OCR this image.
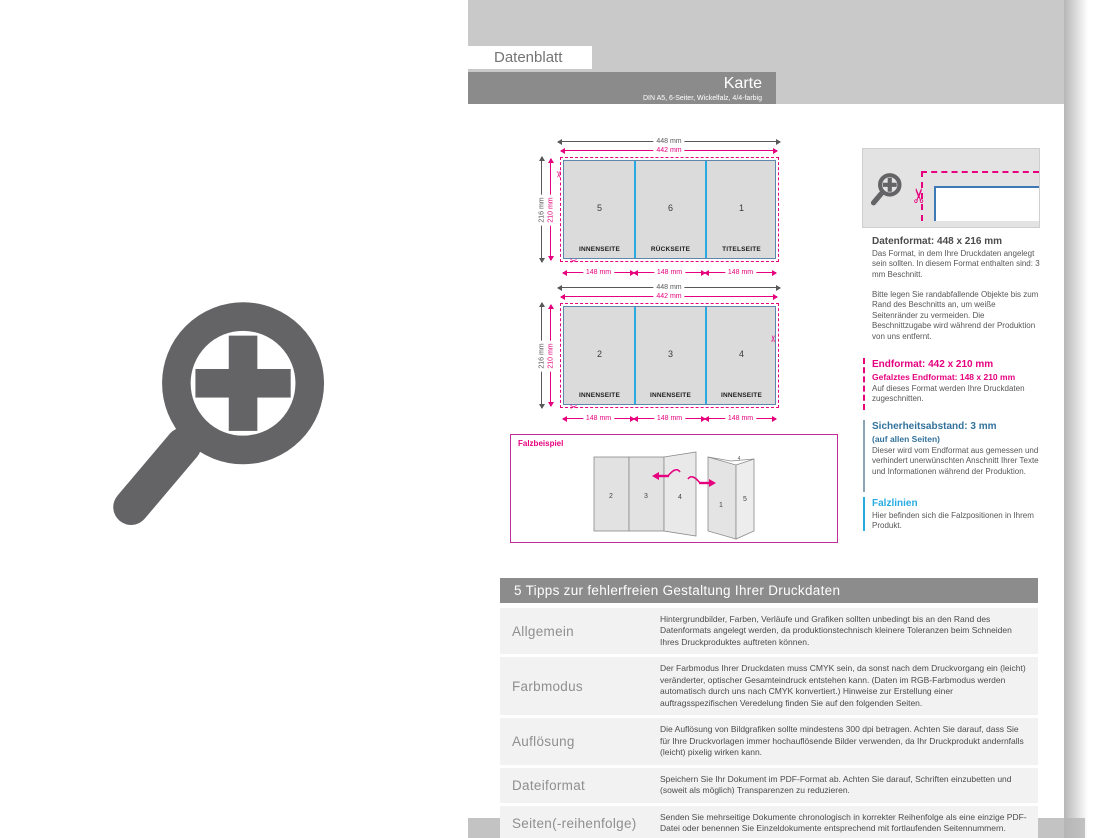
Datenblatt
Karte
DIN A5, 6-Seiter, Wickelfalz, 4/4-farbig
448 mm
442 mm
216 mm 210 mm	5	6	1
INNENSEITE	RÜCKSEITE	TITELSEITE
148 mm	148 mm	148 mm
✂
✂
448 mm
442 mm
216 mm 210 mm	2	3	4
INNENSEITE	INNENSEITE	INNENSEITE
148 mm	148 mm	148 mm
✂
✂
Falzbeispiel
2	3	4
1
5
4
✂

Datenformat: 448 x 216 mm

Das Format, in dem Ihre Druckdaten angelegt sein sollten. In diesem Format enthalten sind: 3 mm Beschnitt.
Bitte legen Sie randabfallende Objekte bis zum Rand des Beschnitts an, um weiße Seitenränder zu vermeiden. Die Beschnittzugabe wird während der Produktion von uns entfernt.

Endformat: 442 x 210 mm

Gefalztes Endformat: 148 x 210 mm

Auf dieses Format werden Ihre Druckdaten zugeschnitten.

Sicherheitsabstand: 3 mm

(auf allen Seiten)

Dieser wird vom Endformat aus gemessen und verhindert unerwünschten Anschnitt Ihrer Texte und Informationen während der Produktion.

Falzlinien

Hier befinden sich die Falzpositionen in Ihrem Produkt.
5 Tipps zur fehlerfreien Gestaltung Ihrer Druckdaten
Allgemein
Hintergrundbilder, Farben, Verläufe und Grafiken sollten unbedingt bis an den Rand des Datenformats angelegt werden, da produktionstechnisch kleinere Toleranzen beim Schneiden Ihres Druckproduktes auftreten können.
Farbmodus
Der Farbmodus Ihrer Druckdaten muss CMYK sein, da sonst nach dem Druckvorgang ein (leicht) veränderter, optischer Gesamteindruck entstehen kann. (Daten im RGB-Farbmodus werden automatisch durch uns nach CMYK konvertiert.) Hinweise zur Erstellung einer auftragsspezifischen Veredelung finden Sie auf den folgenden Seiten.
Auflösung
Die Auflösung von Bildgrafiken sollte mindestens 300 dpi betragen. Achten Sie darauf, dass Sie für Ihre Druckvorlagen immer hochauflösende Bilder verwenden, da Ihr Druckprodukt andernfalls (leicht) pixelig wirken kann.
Dateiformat	Speichern Sie Ihr Dokument im PDF-Format ab. Achten Sie darauf, Schriften einzubetten und (soweit als möglich) Transparenzen zu reduzieren.
Seiten(-reihenfolge)	Senden Sie mehrseitige Dokumente chronologisch in korrekter Reihenfolge als eine einzige PDF-Datei oder benennen Sie Einzeldokumente entsprechend mit fortlaufenden Seitennummern.
